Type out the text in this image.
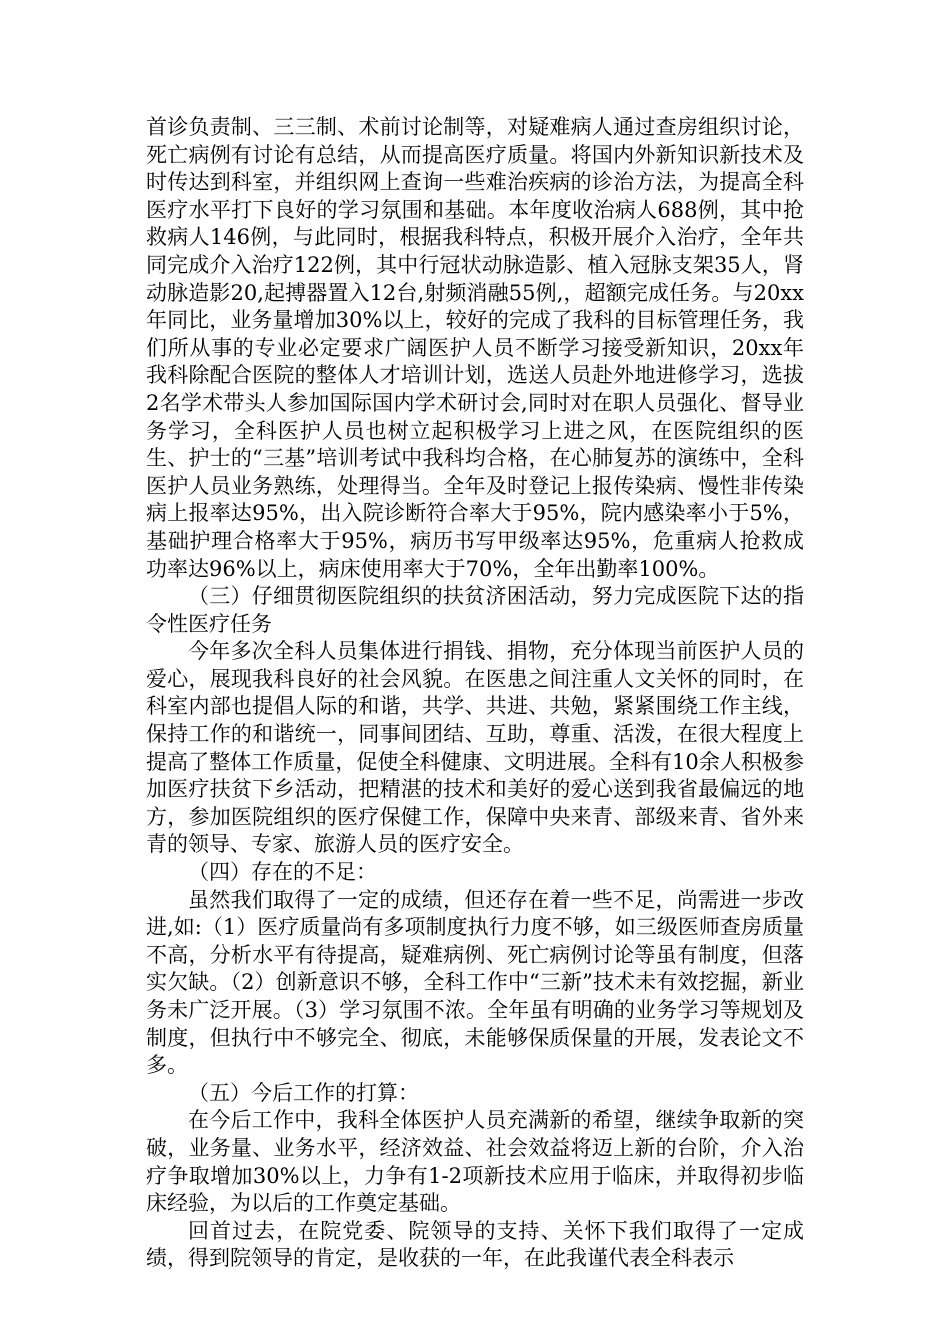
首诊负责制、三三制、术前讨论制等，对疑难病人通过查房组织讨论，死亡病例有讨论有总结，从而提高医疗质量。将国内外新知识新技术及时传达到科室，并组织网上查询一些难治疾病的诊治方法，为提高全科医疗水平打下良好的学习氛围和基础。本年度收治病人688例，其中抢救病人146例，与此同时，根据我科特点，积极开展介入治疗，全年共同完成介入治疗122例，其中行冠状动脉造影、植入冠脉支架35人，肾动脉造影20,起搏器置入12台,射频消融55例,，超额完成任务。与20xx年同比，业务量增加30%以上，较好的完成了我科的目标管理任务，我们所从事的专业必定要求广阔医护人员不断学习接受新知识，20xx年我科除配合医院的整体人才培训计划，选送人员赴外地进修学习，选拔2名学术带头人参加国际国内学术研讨会,同时对在职人员强化、督导业务学习，全科医护人员也树立起积极学习上进之风，在医院组织的医生、护士的“三基”培训考试中我科均合格，在心肺复苏的演练中，全科医护人员业务熟练，处理得当。全年及时登记上报传染病、慢性非传染病上报率达95%，出入院诊断符合率大于95%，院内感染率小于5%，基础护理合格率大于95%，病历书写甲级率达95%，危重病人抢救成功率达96%以上，病床使用率大于70%，全年出勤率100%。

（三）仔细贯彻医院组织的扶贫济困活动，努力完成医院下达的指令性医疗任务

今年多次全科人员集体进行捐钱、捐物，充分体现当前医护人员的爱心，展现我科良好的社会风貌。在医患之间注重人文关怀的同时，在科室内部也提倡人际的和谐，共学、共进、共勉，紧紧围绕工作主线，保持工作的和谐统一，同事间团结、互助，尊重、活泼，在很大程度上提高了整体工作质量，促使全科健康、文明进展。全科有10余人积极参加医疗扶贫下乡活动，把精湛的技术和美好的爱心送到我省最偏远的地方，参加医院组织的医疗保健工作，保障中央来青、部级来青、省外来青的领导、专家、旅游人员的医疗安全。

（四）存在的不足：

虽然我们取得了一定的成绩，但还存在着一些不足，尚需进一步改进,如:（1）医疗质量尚有多项制度执行力度不够，如三级医师查房质量不高，分析水平有待提高，疑难病例、死亡病例讨论等虽有制度，但落实欠缺。（2）创新意识不够，全科工作中“三新”技术未有效挖掘，新业务未广泛开展。（3）学习氛围不浓。全年虽有明确的业务学习等规划及制度，但执行中不够完全、彻底，未能够保质保量的开展，发表论文不多。

（五）今后工作的打算：

在今后工作中，我科全体医护人员充满新的希望，继续争取新的突破，业务量、业务水平，经济效益、社会效益将迈上新的台阶，介入治疗争取增加30%以上，力争有1-2项新技术应用于临床，并取得初步临床经验，为以后的工作奠定基础。

回首过去，在院党委、院领导的支持、关怀下我们取得了一定成绩，得到院领导的肯定，是收获的一年，在此我谨代表全科表示
